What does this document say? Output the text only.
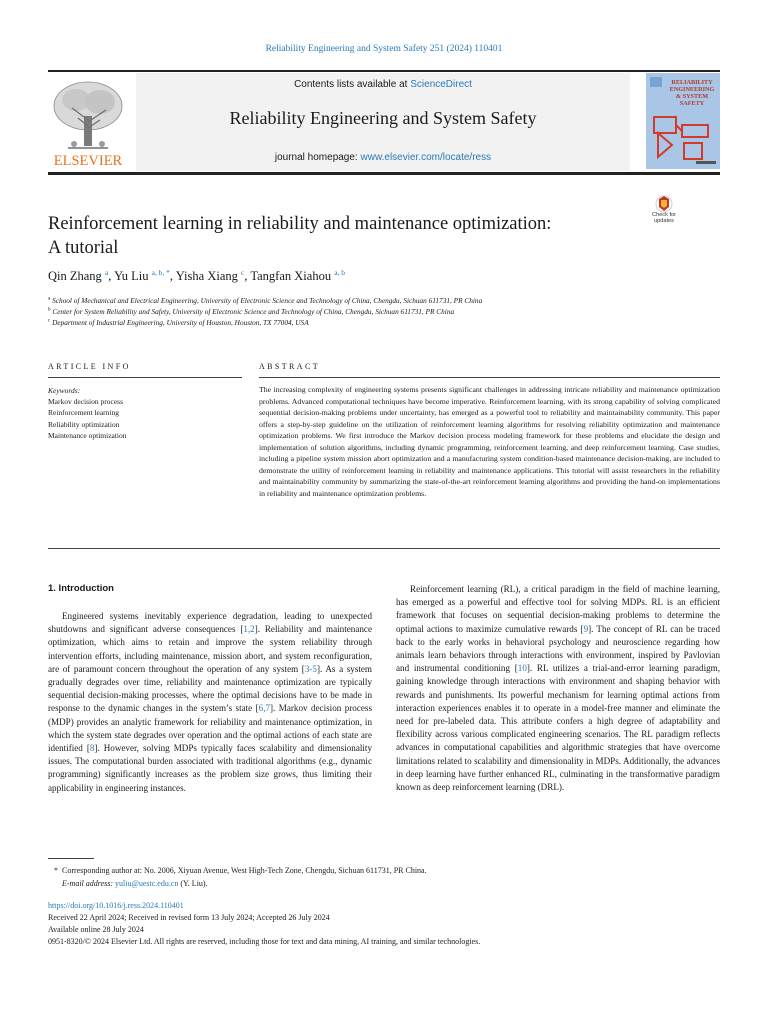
Reliability Engineering and System Safety 251 (2024) 110401
ELSEVIER
Contents lists available at ScienceDirect
Reliability Engineering and System Safety
journal homepage: www.elsevier.com/locate/ress
RELIABILITY
ENGINEERING
& SYSTEM
SAFETY
Reinforcement learning in reliability and maintenance optimization:
A tutorial
Check for
updates
Qin Zhang $^a$, Yu Liu $^{a, b, *}$, Yisha Xiang $^c$, Tangfan Xiahou $^{a, b}$
$^a$ School of Mechanical and Electrical Engineering, University of Electronic Science and Technology of China, Chengdu, Sichuan 611731, PR China
$^b$ Center for System Reliability and Safety, University of Electronic Science and Technology of China, Chengdu, Sichuan 611731, PR China
$^c$ Department of Industrial Engineering, University of Houston, Houston, TX 77004, USA
ARTICLE INFO	ABSTRACT
Keywords:
Markov decision process
Reinforcement learning
Reliability optimization
Maintenance optimization
The increasing complexity of engineering systems presents significant challenges in addressing intricate reliability and maintenance optimization problems. Advanced computational techniques have become imperative. Reinforcement learning, with its strong capability of solving complicated sequential decision-making problems under uncertainty, has emerged as a powerful tool to reliability and maintainability community. This paper offers a step-by-step guideline on the utilization of reinforcement learning algorithms for resolving reliability optimization and maintenance optimization problems. We first introduce the Markov decision process modeling framework for these problems and elucidate the design and implementation of solution algorithms, including dynamic programming, reinforcement learning, and deep reinforcement learning. Case studies, including a pipeline system mission abort optimization and a manufacturing system condition-based maintenance decision-making, are included to demonstrate the utility of reinforcement learning in reliability and maintenance applications. This tutorial will assist researchers in the reliability and maintainability community by summarizing the state-of-the-art reinforcement learning algorithms and providing the hand-on implementations in reliability and maintenance optimization problems.
1. Introduction

Engineered systems inevitably experience degradation, leading to unexpected shutdowns and significant adverse consequences [1,2]. Reliability and maintenance optimization, which aims to retain and improve the system reliability through intervention efforts, including maintenance, mission abort, and system reconfiguration, are of paramount concern throughout the operation of any system [3-5]. As a system gradually degrades over time, reliability and maintenance optimization are typically sequential decision-making processes, where the optimal decisions have to be made in response to the dynamic changes in the system’s state [6,7]. Markov decision process (MDP) provides an analytic framework for reliability and maintenance optimization, in which the system state degrades over operation and the optimal actions of each state are identified [8]. However, solving MDPs typically faces scalability and dimensionality issues. The computational burden associated with traditional algorithms (e.g., dynamic programming) significantly increases as the problem size grows, thus limiting their applicability in engineering instances.

Reinforcement learning (RL), a critical paradigm in the field of machine learning, has emerged as a powerful and effective tool for solving MDPs. RL is an efficient framework that focuses on sequential decision-making problems to determine the optimal actions to maximize cumulative rewards [9]. The concept of RL can be traced back to the early works in behavioral psychology and neuroscience regarding how animals learn behaviors through interactions with environment, inspired by Pavlovian and instrumental conditioning [10]. RL utilizes a trial-and-error learning paradigm, gaining knowledge through interactions with environment and shaping behavior with rewards and punishments. Its powerful mechanism for learning optimal actions from interaction experiences enables it to operate in a model-free manner and eliminate the need for pre-labeled data. This attribute confers a high degree of adaptability and flexibility across various complicated engineering scenarios. The RL paradigm reflects advances in computational capabilities and algorithmic strategies that have overcome limitations related to scalability and dimensionality in MDPs. Additionally, the advances in deep learning have further enhanced RL, culminating in the transformative paradigm known as deep reinforcement learning (DRL).

* Corresponding author at: No. 2006, Xiyuan Avenue, West High-Tech Zone, Chengdu, Sichuan 611731, PR China.
E-mail address: yuliu@uestc.edu.cn (Y. Liu).
https://doi.org/10.1016/j.ress.2024.110401
Received 22 April 2024; Received in revised form 13 July 2024; Accepted 26 July 2024
Available online 28 July 2024
0951-8320/© 2024 Elsevier Ltd. All rights are reserved, including those for text and data mining, AI training, and similar technologies.
